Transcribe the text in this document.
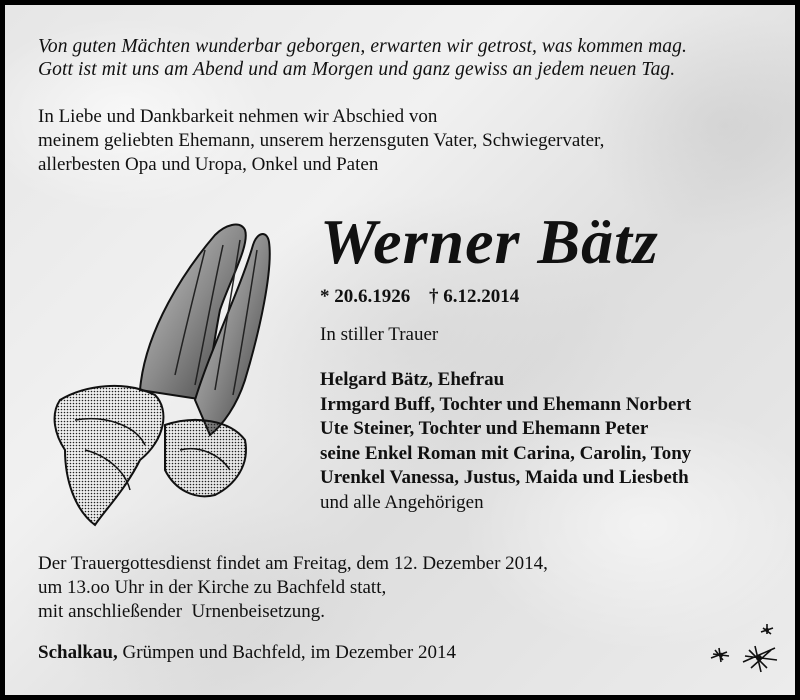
Von guten Mächten wunderbar geborgen, erwarten wir getrost, was kommen mag.
Gott ist mit uns am Abend und am Morgen und ganz gewiss an jedem neuen Tag.
In Liebe und Dankbarkeit nehmen wir Abschied von
meinem geliebten Ehemann, unserem herzensguten Vater, Schwiegervater,
allerbesten Opa und Uropa, Onkel und Paten
Werner Bätz
* 20.6.1926 † 6.12.2014
In stiller Trauer
Helgard Bätz, Ehefrau
Irmgard Buff, Tochter und Ehemann Norbert
Ute Steiner, Tochter und Ehemann Peter
seine Enkel Roman mit Carina, Carolin, Tony
Urenkel Vanessa, Justus, Maida und Liesbeth
und alle Angehörigen
Der Trauergottesdienst findet am Freitag, dem 12. Dezember 2014,
um 13.oo Uhr in der Kirche zu Bachfeld statt,
mit anschließender  Urnenbeisetzung.
Schalkau, Grümpen und Bachfeld, im Dezember 2014
